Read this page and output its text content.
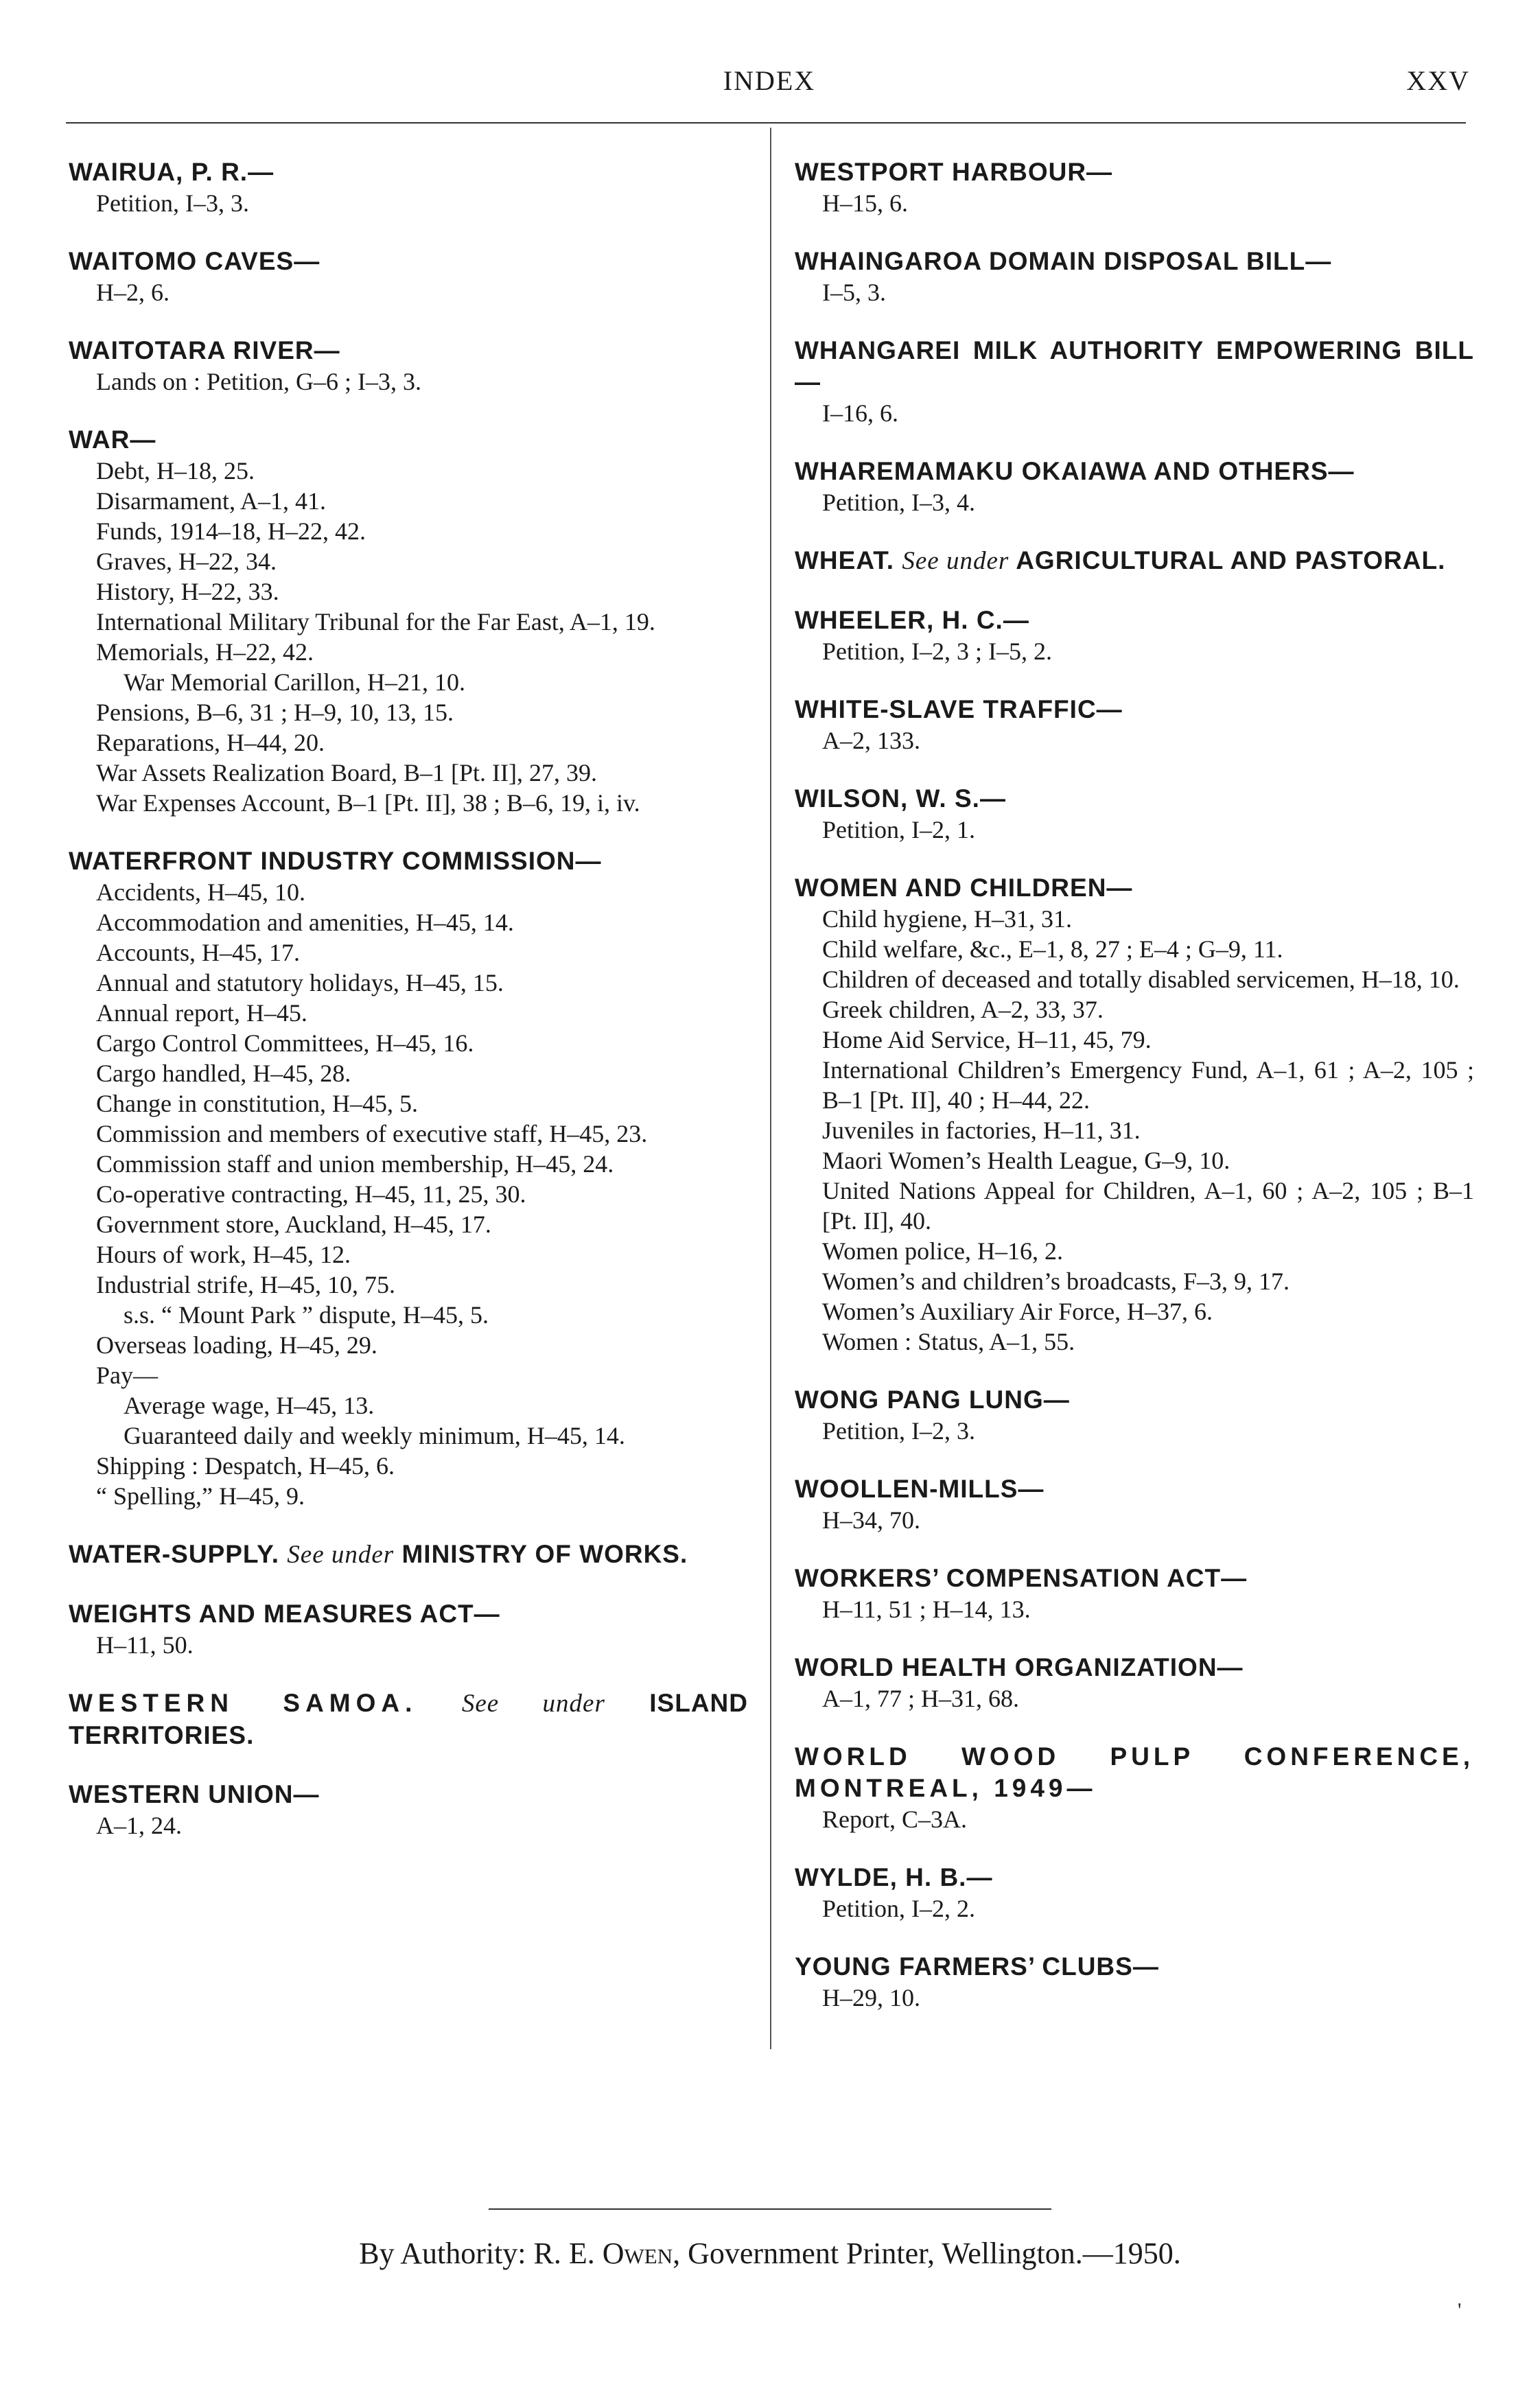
INDEX	XXV
WAIRUA, P. R.—
Petition, I–3, 3.
WAITOMO CAVES—
H–2, 6.
WAITOTARA RIVER—
Lands on : Petition, G–6 ; I–3, 3.
WAR—
Debt, H–18, 25.
Disarmament, A–1, 41.
Funds, 1914–18, H–22, 42.
Graves, H–22, 34.
History, H–22, 33.
International Military Tribunal for the Far East, A–1, 19.
Memorials, H–22, 42.
War Memorial Carillon, H–21, 10.
Pensions, B–6, 31 ; H–9, 10, 13, 15.
Reparations, H–44, 20.
War Assets Realization Board, B–1 [Pt. II], 27, 39.
War Expenses Account, B–1 [Pt. II], 38 ; B–6, 19, i, iv.
WATERFRONT INDUSTRY COMMISSION—
Accidents, H–45, 10.
Accommodation and amenities, H–45, 14.
Accounts, H–45, 17.
Annual and statutory holidays, H–45, 15.
Annual report, H–45.
Cargo Control Committees, H–45, 16.
Cargo handled, H–45, 28.
Change in constitution, H–45, 5.
Commission and members of executive staff, H–45, 23.
Commission staff and union membership, H–45, 24.
Co-operative contracting, H–45, 11, 25, 30.
Government store, Auckland, H–45, 17.
Hours of work, H–45, 12.
Industrial strife, H–45, 10, 75.
s.s. “ Mount Park ” dispute, H–45, 5.
Overseas loading, H–45, 29.
Pay—
Average wage, H–45, 13.
Guaranteed daily and weekly minimum, H–45, 14.
Shipping : Despatch, H–45, 6.
“ Spelling,” H–45, 9.
WATER-SUPPLY. See under MINISTRY OF WORKS.
WEIGHTS AND MEASURES ACT—
H–11, 50.
WESTERN SAMOA. See under ISLAND TERRITORIES.
WESTERN UNION—
A–1, 24.
WESTPORT HARBOUR—
H–15, 6.
WHAINGAROA DOMAIN DISPOSAL BILL—
I–5, 3.
WHANGAREI MILK AUTHORITY EMPOWERING BILL—
I–16, 6.
WHAREMAMAKU OKAIAWA AND OTHERS—
Petition, I–3, 4.
WHEAT. See under AGRICULTURAL AND PASTORAL.
WHEELER, H. C.—
Petition, I–2, 3 ; I–5, 2.
WHITE-SLAVE TRAFFIC—
A–2, 133.
WILSON, W. S.—
Petition, I–2, 1.
WOMEN AND CHILDREN—
Child hygiene, H–31, 31.
Child welfare, &c., E–1, 8, 27 ; E–4 ; G–9, 11.
Children of deceased and totally disabled servicemen, H–18, 10.
Greek children, A–2, 33, 37.
Home Aid Service, H–11, 45, 79.
International Children’s Emergency Fund, A–1, 61 ; A–2, 105 ; B–1 [Pt. II], 40 ; H–44, 22.
Juveniles in factories, H–11, 31.
Maori Women’s Health League, G–9, 10.
United Nations Appeal for Children, A–1, 60 ; A–2, 105 ; B–1 [Pt. II], 40.
Women police, H–16, 2.
Women’s and children’s broadcasts, F–3, 9, 17.
Women’s Auxiliary Air Force, H–37, 6.
Women : Status, A–1, 55.
WONG PANG LUNG—
Petition, I–2, 3.
WOOLLEN-MILLS—
H–34, 70.
WORKERS’ COMPENSATION ACT—
H–11, 51 ; H–14, 13.
WORLD HEALTH ORGANIZATION—
A–1, 77 ; H–31, 68.
WORLD WOOD PULP CONFERENCE, MONTREAL, 1949—
Report, C–3A.
WYLDE, H. B.—
Petition, I–2, 2.
YOUNG FARMERS’ CLUBS—
H–29, 10.
By Authority: R. E. Owen, Government Printer, Wellington.—1950.
'
